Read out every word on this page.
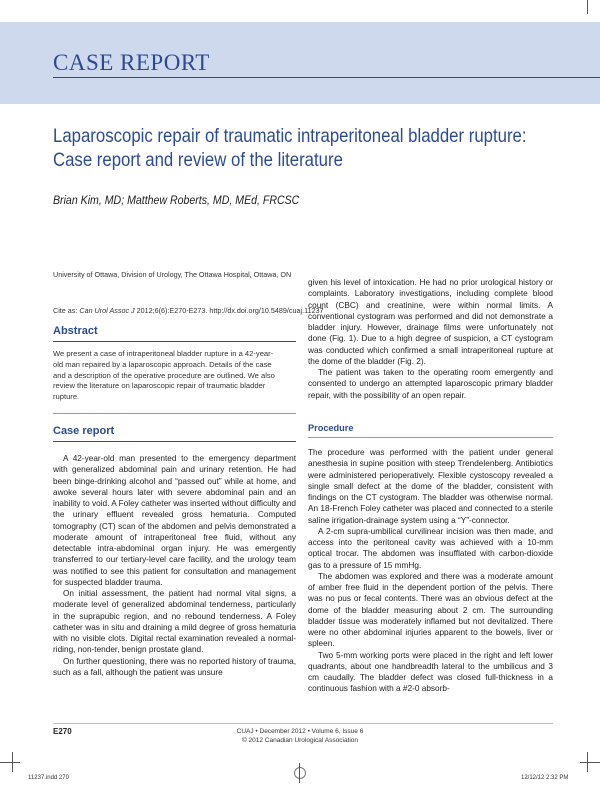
CASE REPORT
Laparoscopic repair of traumatic intraperitoneal bladder rupture:
Case report and review of the literature
Brian Kim, MD; Matthew Roberts, MD, MEd, FRCSC
University of Ottawa, Division of Urology, The Ottawa Hospital, Ottawa, ON
Cite as: Can Urol Assoc J 2012;6(6):E270-E273. http://dx.doi.org/10.5489/cuaj.11237
Abstract
We present a case of intraperitoneal bladder rupture in a 42-year-
old man repaired by a laparoscopic approach. Details of the case
and a description of the operative procedure are outlined. We also
review the literature on laparoscopic repair of traumatic bladder
rupture.
Case report

A 42-year-old man presented to the emergency department with generalized abdominal pain and urinary retention. He had been binge-drinking alcohol and “passed out” while at home, and awoke several hours later with severe abdominal pain and an inability to void. A Foley catheter was inserted without difficulty and the urinary effluent revealed gross hematuria. Computed tomography (CT) scan of the abdomen and pelvis demonstrated a moderate amount of intraperitoneal free fluid, without any detectable intra-abdominal organ injury. He was emergently transferred to our tertiary-level care facility, and the urology team was notified to see this patient for consultation and management for suspected bladder trauma.

On initial assessment, the patient had normal vital signs, a moderate level of generalized abdominal tenderness, particularly in the suprapubic region, and no rebound tenderness. A Foley catheter was in situ and draining a mild degree of gross hematuria with no visible clots. Digital rectal examination revealed a normal-riding, non-tender, benign prostate gland.

On further questioning, there was no reported history of trauma, such as a fall, although the patient was unsure

given his level of intoxication. He had no prior urological history or complaints. Laboratory investigations, including complete blood count (CBC) and creatinine, were within normal limits. A conventional cystogram was performed and did not demonstrate a bladder injury. However, drainage films were unfortunately not done (Fig. 1). Due to a high degree of suspicion, a CT cystogram was conducted which confirmed a small intraperitoneal rupture at the dome of the bladder (Fig. 2).

The patient was taken to the operating room emergently and consented to undergo an attempted laparoscopic primary bladder repair, with the possibility of an open repair.

Procedure

The procedure was performed with the patient under general anesthesia in supine position with steep Trendelenberg. Antibiotics were administered perioperatively. Flexible cystoscopy revealed a single small defect at the dome of the bladder, consistent with findings on the CT cystogram. The bladder was otherwise normal. An 18-French Foley catheter was placed and connected to a sterile saline irrigation-drainage system using a “Y”-connector.

A 2-cm supra-umbilical curvilinear incision was then made, and access into the peritoneal cavity was achieved with a 10-mm optical trocar. The abdomen was insufflated with carbon-dioxide gas to a pressure of 15 mmHg.

The abdomen was explored and there was a moderate amount of amber free fluid in the dependent portion of the pelvis. There was no pus or fecal contents. There was an obvious defect at the dome of the bladder measuring about 2 cm. The surrounding bladder tissue was moderately inflamed but not devitalized. There were no other abdominal injuries apparent to the bowels, liver or spleen.

Two 5-mm working ports were placed in the right and left lower quadrants, about one handbreadth lateral to the umbilicus and 3 cm caudally. The bladder defect was closed full-thickness in a continuous fashion with a #2-0 absorb-

E270	CUAJ • December 2012 • Volume 6, Issue 6
© 2012 Canadian Urological Association
11237.indd 270	12/12/12 2:32 PM
